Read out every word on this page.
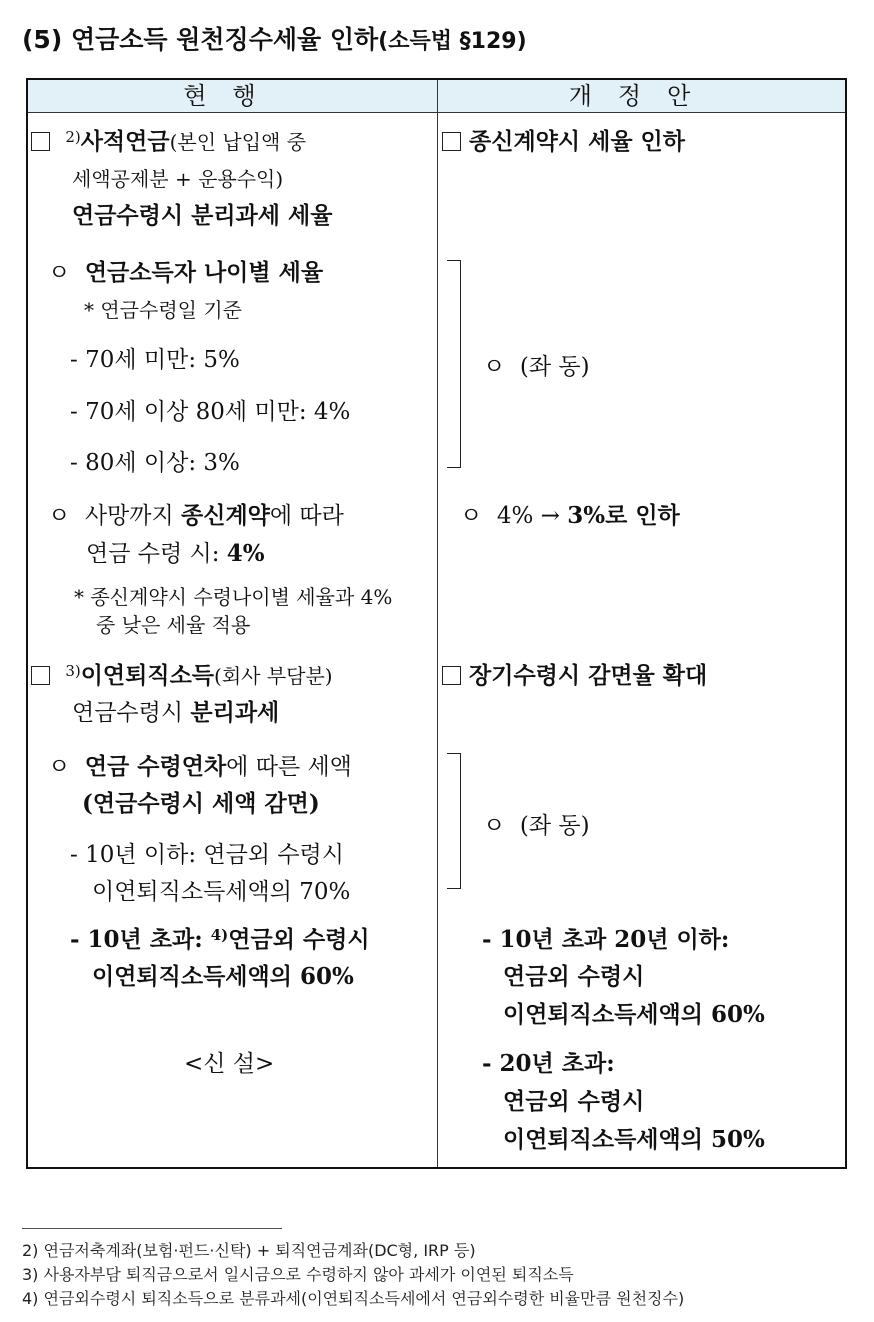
(5) 연금소득 원천징수세율 인하(소득법 §129)
현행	개정안
$^{2)}$사적연금(본인 납입액 중
세액공제분 + 운용수익)
연금수령시 분리과세 세율
ㅇ 연금소득자 나이별 세율
* 연금수령일 기준
- 70세 미만: 5%
- 70세 이상 80세 미만: 4%
- 80세 이상: 3%
ㅇ 사망까지 종신계약에 따라
연금 수령 시: 4%
* 종신계약시 수령나이별 세율과 4%
중 낮은 세율 적용
$^{3)}$이연퇴직소득(회사 부담분)
연금수령시 분리과세
ㅇ 연금 수령연차에 따른 세액
(연금수령시 세액 감면)
- 10년 이하: 연금외 수령시
이연퇴직소득세액의 70%
- 10년 초과: $^{4)}$연금외 수령시
이연퇴직소득세액의 60%
<신 설>
종신계약시 세율 인하
ㅇ (좌 동)
ㅇ 4% → 3%로 인하
장기수령시 감면율 확대
ㅇ (좌 동)
- 10년 초과 20년 이하:
연금외 수령시
이연퇴직소득세액의 60%
- 20년 초과:
연금외 수령시
이연퇴직소득세액의 50%
2) 연금저축계좌(보험·펀드·신탁) + 퇴직연금계좌(DC형, IRP 등)
3) 사용자부담 퇴직금으로서 일시금으로 수령하지 않아 과세가 이연된 퇴직소득
4) 연금외수령시 퇴직소득으로 분류과세(이연퇴직소득세에서 연금외수령한 비율만큼 원천징수)
